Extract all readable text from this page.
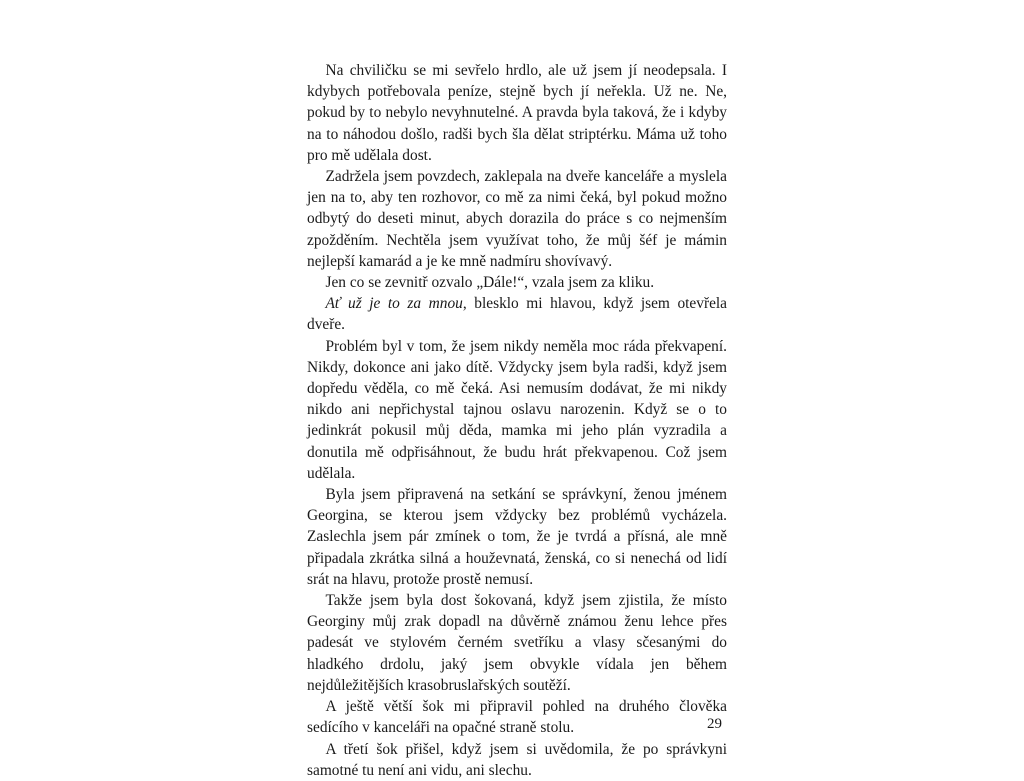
Na chviličku se mi sevřelo hrdlo, ale už jsem jí neodepsala. I kdybych potřebovala peníze, stejně bych jí neřekla. Už ne. Ne, pokud by to nebylo nevyhnutelné. A pravda byla taková, že i kdyby na to náhodou došlo, radši bych šla dělat striptérku. Máma už toho pro mě udělala dost.

Zadržela jsem povzdech, zaklepala na dveře kanceláře a myslela jen na to, aby ten rozhovor, co mě za nimi čeká, byl pokud možno odbytý do deseti minut, abych dorazila do práce s co nejmenším zpožděním. Nechtěla jsem využívat toho, že můj šéf je mámin nejlepší kamarád a je ke mně nadmíru shovívavý.

Jen co se zevnitř ozvalo „Dále!“, vzala jsem za kliku.

Ať už je to za mnou, blesklo mi hlavou, když jsem otevřela dveře.

Problém byl v tom, že jsem nikdy neměla moc ráda překvapení. Nikdy, dokonce ani jako dítě. Vždycky jsem byla radši, když jsem dopředu věděla, co mě čeká. Asi nemusím dodávat, že mi nikdy nikdo ani nepřichystal tajnou oslavu narozenin. Když se o to jedinkrát pokusil můj děda, mamka mi jeho plán vyzradila a donutila mě odpřisáhnout, že budu hrát překvapenou. Což jsem udělala.

Byla jsem připravená na setkání se správkyní, ženou jménem Georgina, se kterou jsem vždycky bez problémů vycházela. Zaslechla jsem pár zmínek o tom, že je tvrdá a přísná, ale mně připadala zkrátka silná a houževnatá, ženská, co si nenechá od lidí srát na hlavu, protože prostě nemusí.

Takže jsem byla dost šokovaná, když jsem zjistila, že místo Georginy můj zrak dopadl na důvěrně známou ženu lehce přes padesát ve stylovém černém svetříku a vlasy sčesanými do hladkého drdolu, jaký jsem obvykle vídala jen během nejdůležitějších krasobruslařských soutěží.

A ještě větší šok mi připravil pohled na druhého člověka sedícího v kanceláři na opačné straně stolu.

A třetí šok přišel, když jsem si uvědomila, že po správkyni samotné tu není ani vidu, ani slechu.

29
